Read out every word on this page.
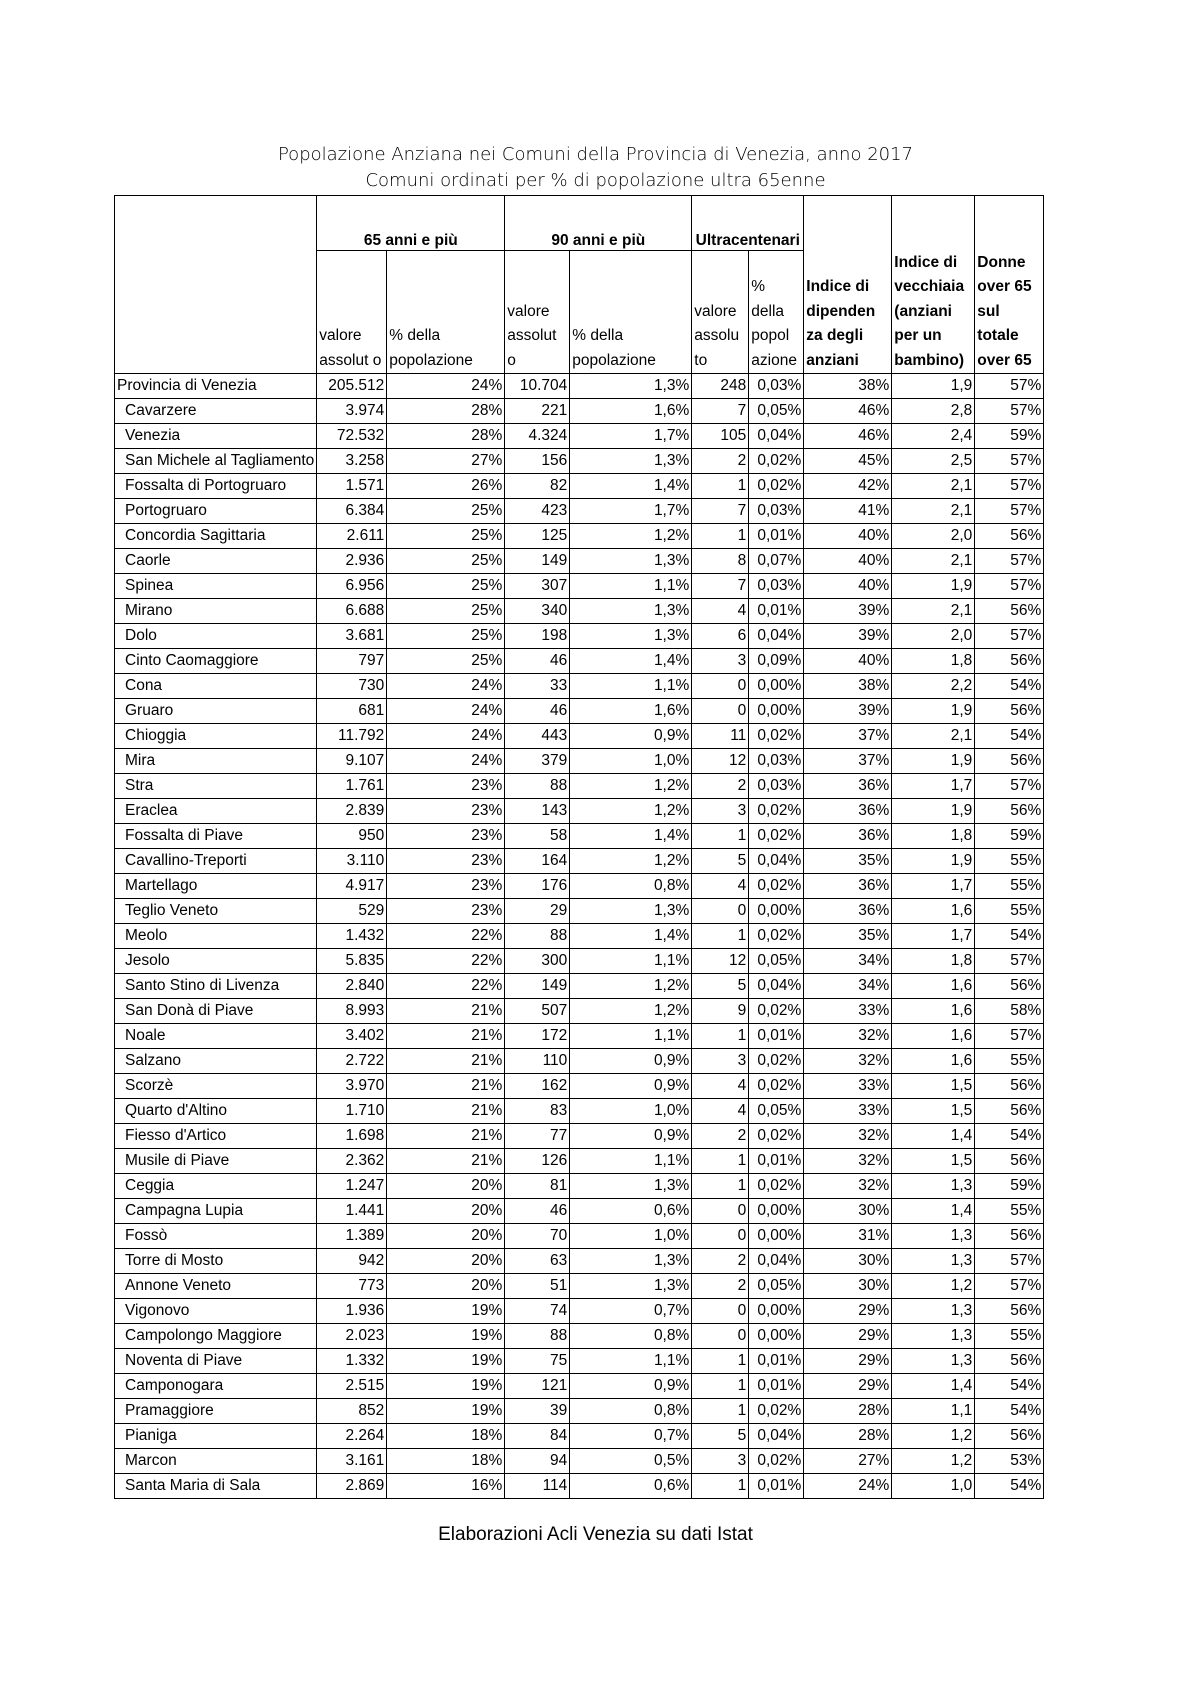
Popolazione Anziana nei Comuni della Provincia di Venezia, anno 2017
Comuni ordinati per % di popolazione ultra 65enne
	65 anni e più		90 anni e più		Ultracentenari				
	valore assolut o	% della popolazione	valore assolut o	% della popolazione	valore assolu to	% della popol azione	Indice di dipenden za degli anziani	Indice di vecchiaia (anziani per un bambino)	Donne over 65 sul totale over 65
Provincia di Venezia	205.512	24%	10.704	1,3%	248	0,03%	38%	1,9	57%
Cavarzere	3.974	28%	221	1,6%	7	0,05%	46%	2,8	57%
Venezia	72.532	28%	4.324	1,7%	105	0,04%	46%	2,4	59%
San Michele al Tagliamento	3.258	27%	156	1,3%	2	0,02%	45%	2,5	57%
Fossalta di Portogruaro	1.571	26%	82	1,4%	1	0,02%	42%	2,1	57%
Portogruaro	6.384	25%	423	1,7%	7	0,03%	41%	2,1	57%
Concordia Sagittaria	2.611	25%	125	1,2%	1	0,01%	40%	2,0	56%
Caorle	2.936	25%	149	1,3%	8	0,07%	40%	2,1	57%
Spinea	6.956	25%	307	1,1%	7	0,03%	40%	1,9	57%
Mirano	6.688	25%	340	1,3%	4	0,01%	39%	2,1	56%
Dolo	3.681	25%	198	1,3%	6	0,04%	39%	2,0	57%
Cinto Caomaggiore	797	25%	46	1,4%	3	0,09%	40%	1,8	56%
Cona	730	24%	33	1,1%	0	0,00%	38%	2,2	54%
Gruaro	681	24%	46	1,6%	0	0,00%	39%	1,9	56%
Chioggia	11.792	24%	443	0,9%	11	0,02%	37%	2,1	54%
Mira	9.107	24%	379	1,0%	12	0,03%	37%	1,9	56%
Stra	1.761	23%	88	1,2%	2	0,03%	36%	1,7	57%
Eraclea	2.839	23%	143	1,2%	3	0,02%	36%	1,9	56%
Fossalta di Piave	950	23%	58	1,4%	1	0,02%	36%	1,8	59%
Cavallino-Treporti	3.110	23%	164	1,2%	5	0,04%	35%	1,9	55%
Martellago	4.917	23%	176	0,8%	4	0,02%	36%	1,7	55%
Teglio Veneto	529	23%	29	1,3%	0	0,00%	36%	1,6	55%
Meolo	1.432	22%	88	1,4%	1	0,02%	35%	1,7	54%
Jesolo	5.835	22%	300	1,1%	12	0,05%	34%	1,8	57%
Santo Stino di Livenza	2.840	22%	149	1,2%	5	0,04%	34%	1,6	56%
San Donà di Piave	8.993	21%	507	1,2%	9	0,02%	33%	1,6	58%
Noale	3.402	21%	172	1,1%	1	0,01%	32%	1,6	57%
Salzano	2.722	21%	110	0,9%	3	0,02%	32%	1,6	55%
Scorzè	3.970	21%	162	0,9%	4	0,02%	33%	1,5	56%
Quarto d'Altino	1.710	21%	83	1,0%	4	0,05%	33%	1,5	56%
Fiesso d'Artico	1.698	21%	77	0,9%	2	0,02%	32%	1,4	54%
Musile di Piave	2.362	21%	126	1,1%	1	0,01%	32%	1,5	56%
Ceggia	1.247	20%	81	1,3%	1	0,02%	32%	1,3	59%
Campagna Lupia	1.441	20%	46	0,6%	0	0,00%	30%	1,4	55%
Fossò	1.389	20%	70	1,0%	0	0,00%	31%	1,3	56%
Torre di Mosto	942	20%	63	1,3%	2	0,04%	30%	1,3	57%
Annone Veneto	773	20%	51	1,3%	2	0,05%	30%	1,2	57%
Vigonovo	1.936	19%	74	0,7%	0	0,00%	29%	1,3	56%
Campolongo Maggiore	2.023	19%	88	0,8%	0	0,00%	29%	1,3	55%
Noventa di Piave	1.332	19%	75	1,1%	1	0,01%	29%	1,3	56%
Camponogara	2.515	19%	121	0,9%	1	0,01%	29%	1,4	54%
Pramaggiore	852	19%	39	0,8%	1	0,02%	28%	1,1	54%
Pianiga	2.264	18%	84	0,7%	5	0,04%	28%	1,2	56%
Marcon	3.161	18%	94	0,5%	3	0,02%	27%	1,2	53%
Santa Maria di Sala	2.869	16%	114	0,6%	1	0,01%	24%	1,0	54%
Elaborazioni Acli Venezia su dati Istat
